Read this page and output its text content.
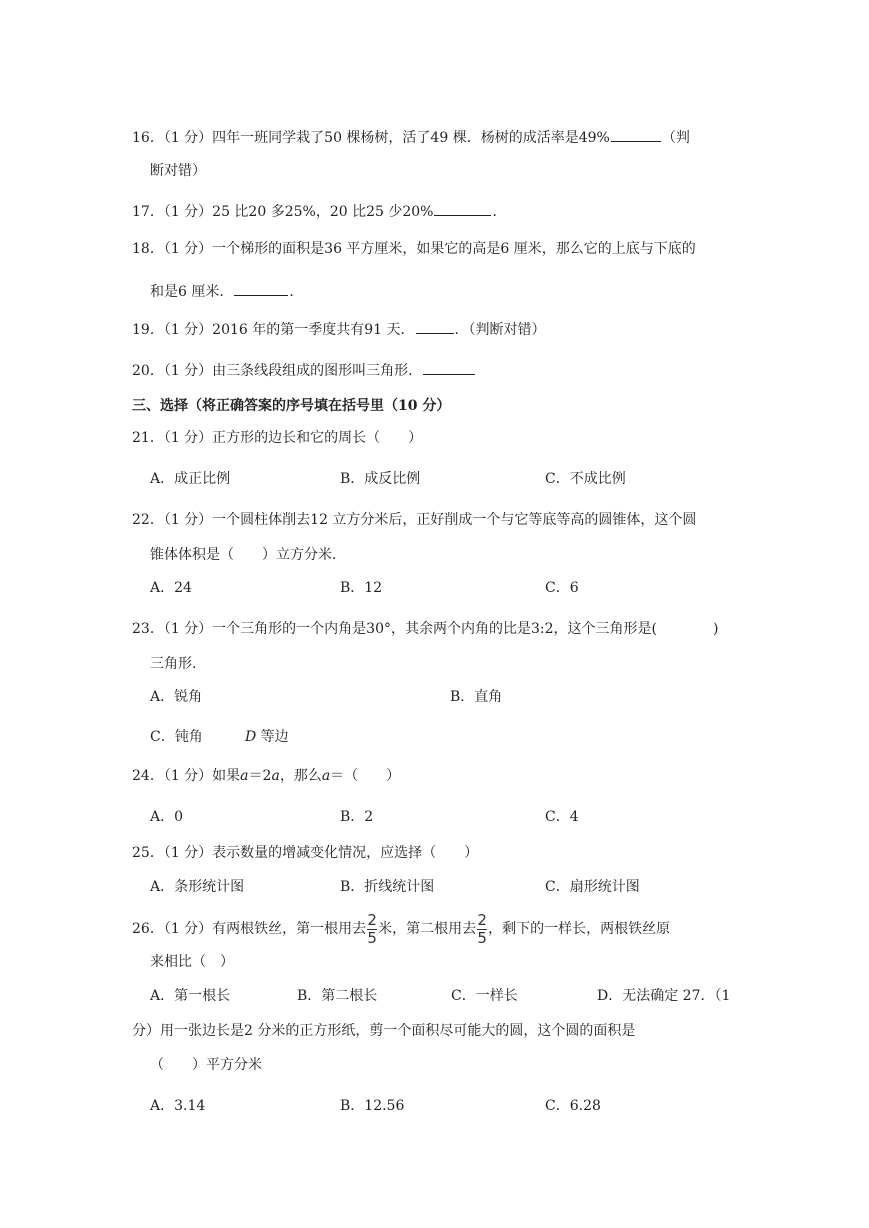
16．（1 分）四年一班同学栽了50 棵杨树，活了49 棵．杨树的成活率是49%	（判
断对错）
17．（1 分）25 比20 多25%，20 比25 少20%	．
18．（1 分）一个梯形的面积是36 平方厘米，如果它的高是6 厘米，那么它的上底与下底的
和是6 厘米．	．
19．（1 分）2016 年的第一季度共有91 天．	．（判断对错）
20．（1 分）由三条线段组成的图形叫三角形．
三、选择（将正确答案的序号填在括号里（10 分）
21．（1 分）正方形的边长和它的周长（　　）
A．成正比例	B．成反比例	C．不成比例
22．（1 分）一个圆柱体削去12 立方分米后，正好削成一个与它等底等高的圆锥体，这个圆
锥体体积是（　　）立方分米．
A．24	B．12	C．6
23．（1 分）一个三角形的一个内角是30°，其余两个内角的比是3:2，这个三角形是(　　　　)
三角形.
A．锐角	B．直角
C．钝角	D 等边
24．（1 分）如果a＝2a，那么a＝（　　）
A．0	B．2	C．4
25．（1 分）表示数量的增减变化情况，应选择（　　）
A．条形统计图	B．折线统计图	C．扇形统计图
26．（1 分）有两根铁丝，第一根用去 $\frac{2}{5}$ 米，第二根用去 $\frac{2}{5}$ ，剩下的一样长，两根铁丝原
来相比（　）
A．第一根长	B．第二根长	C．一样长	D．无法确定 27．（1
分）用一张边长是2 分米的正方形纸，剪一个面积尽可能大的圆，这个圆的面积是
（　　）平方分米
A．3.14	B．12.56	C．6.28
